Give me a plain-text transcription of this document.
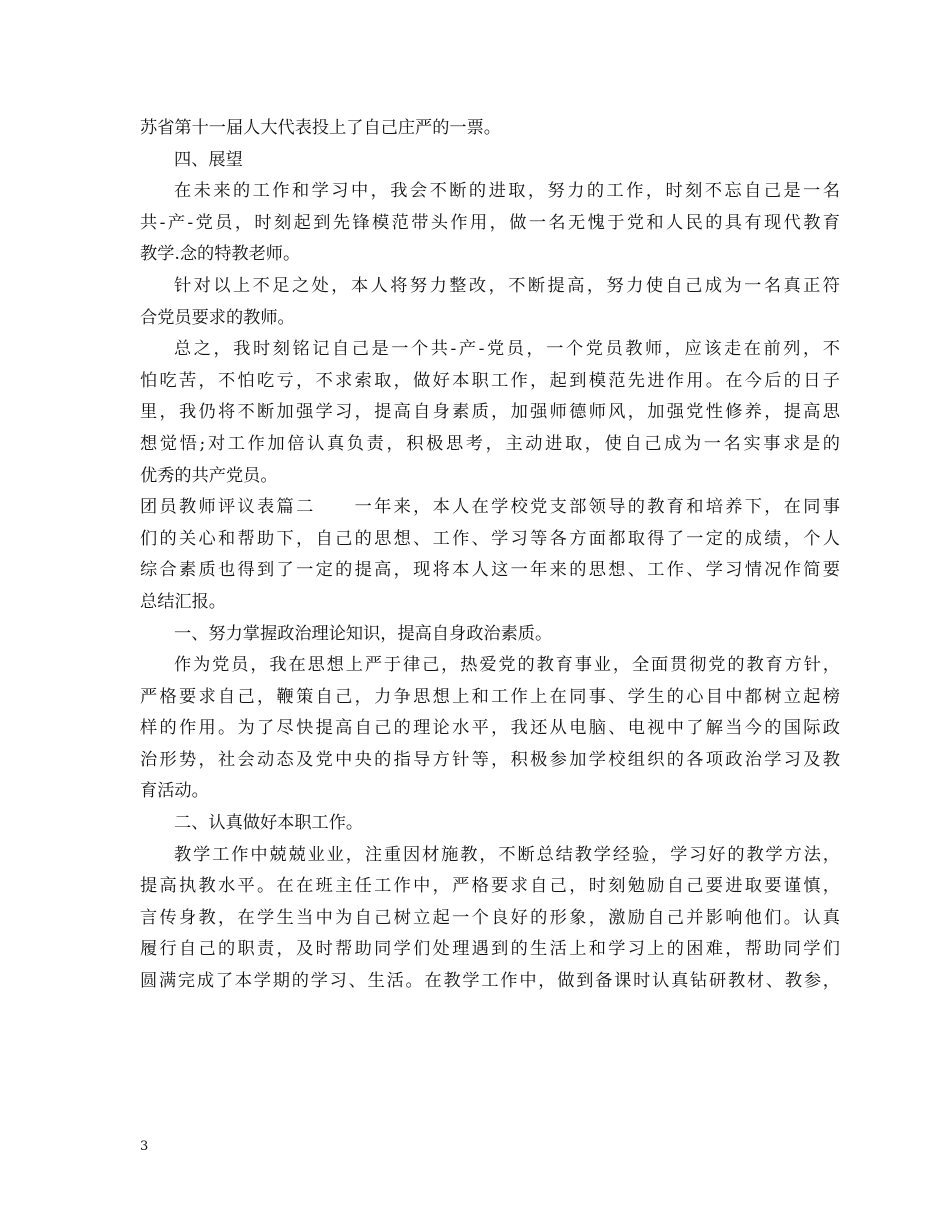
苏省第十一届人大代表投上了自己庄严的一票。
四、展望
在未来的工作和学习中，我会不断的进取，努力的工作，时刻不忘自己是一名
共-产-党员，时刻起到先锋模范带头作用，做一名无愧于党和人民的具有现代教育
教学.念的特教老师。
针对以上不足之处，本人将努力整改，不断提高，努力使自己成为一名真正符
合党员要求的教师。
总之，我时刻铭记自己是一个共-产-党员，一个党员教师，应该走在前列，不
怕吃苦，不怕吃亏，不求索取，做好本职工作，起到模范先进作用。在今后的日子
里，我仍将不断加强学习，提高自身素质，加强师德师风，加强党性修养，提高思
想觉悟;对工作加倍认真负责，积极思考，主动进取，使自己成为一名实事求是的
优秀的共产党员。
团员教师评议表篇二　　一年来，本人在学校党支部领导的教育和培养下，在同事
们的关心和帮助下，自己的思想、工作、学习等各方面都取得了一定的成绩，个人
综合素质也得到了一定的提高，现将本人这一年来的思想、工作、学习情况作简要
总结汇报。
一、努力掌握政治理论知识，提高自身政治素质。
作为党员，我在思想上严于律己，热爱党的教育事业，全面贯彻党的教育方针，
严格要求自己，鞭策自己，力争思想上和工作上在同事、学生的心目中都树立起榜
样的作用。为了尽快提高自己的理论水平，我还从电脑、电视中了解当今的国际政
治形势，社会动态及党中央的指导方针等，积极参加学校组织的各项政治学习及教
育活动。
二、认真做好本职工作。
教学工作中兢兢业业，注重因材施教，不断总结教学经验，学习好的教学方法，
提高执教水平。在在班主任工作中，严格要求自己，时刻勉励自己要进取要谨慎，
言传身教，在学生当中为自己树立起一个良好的形象，激励自己并影响他们。认真
履行自己的职责，及时帮助同学们处理遇到的生活上和学习上的困难，帮助同学们
圆满完成了本学期的学习、生活。在教学工作中，做到备课时认真钻研教材、教参，
3
